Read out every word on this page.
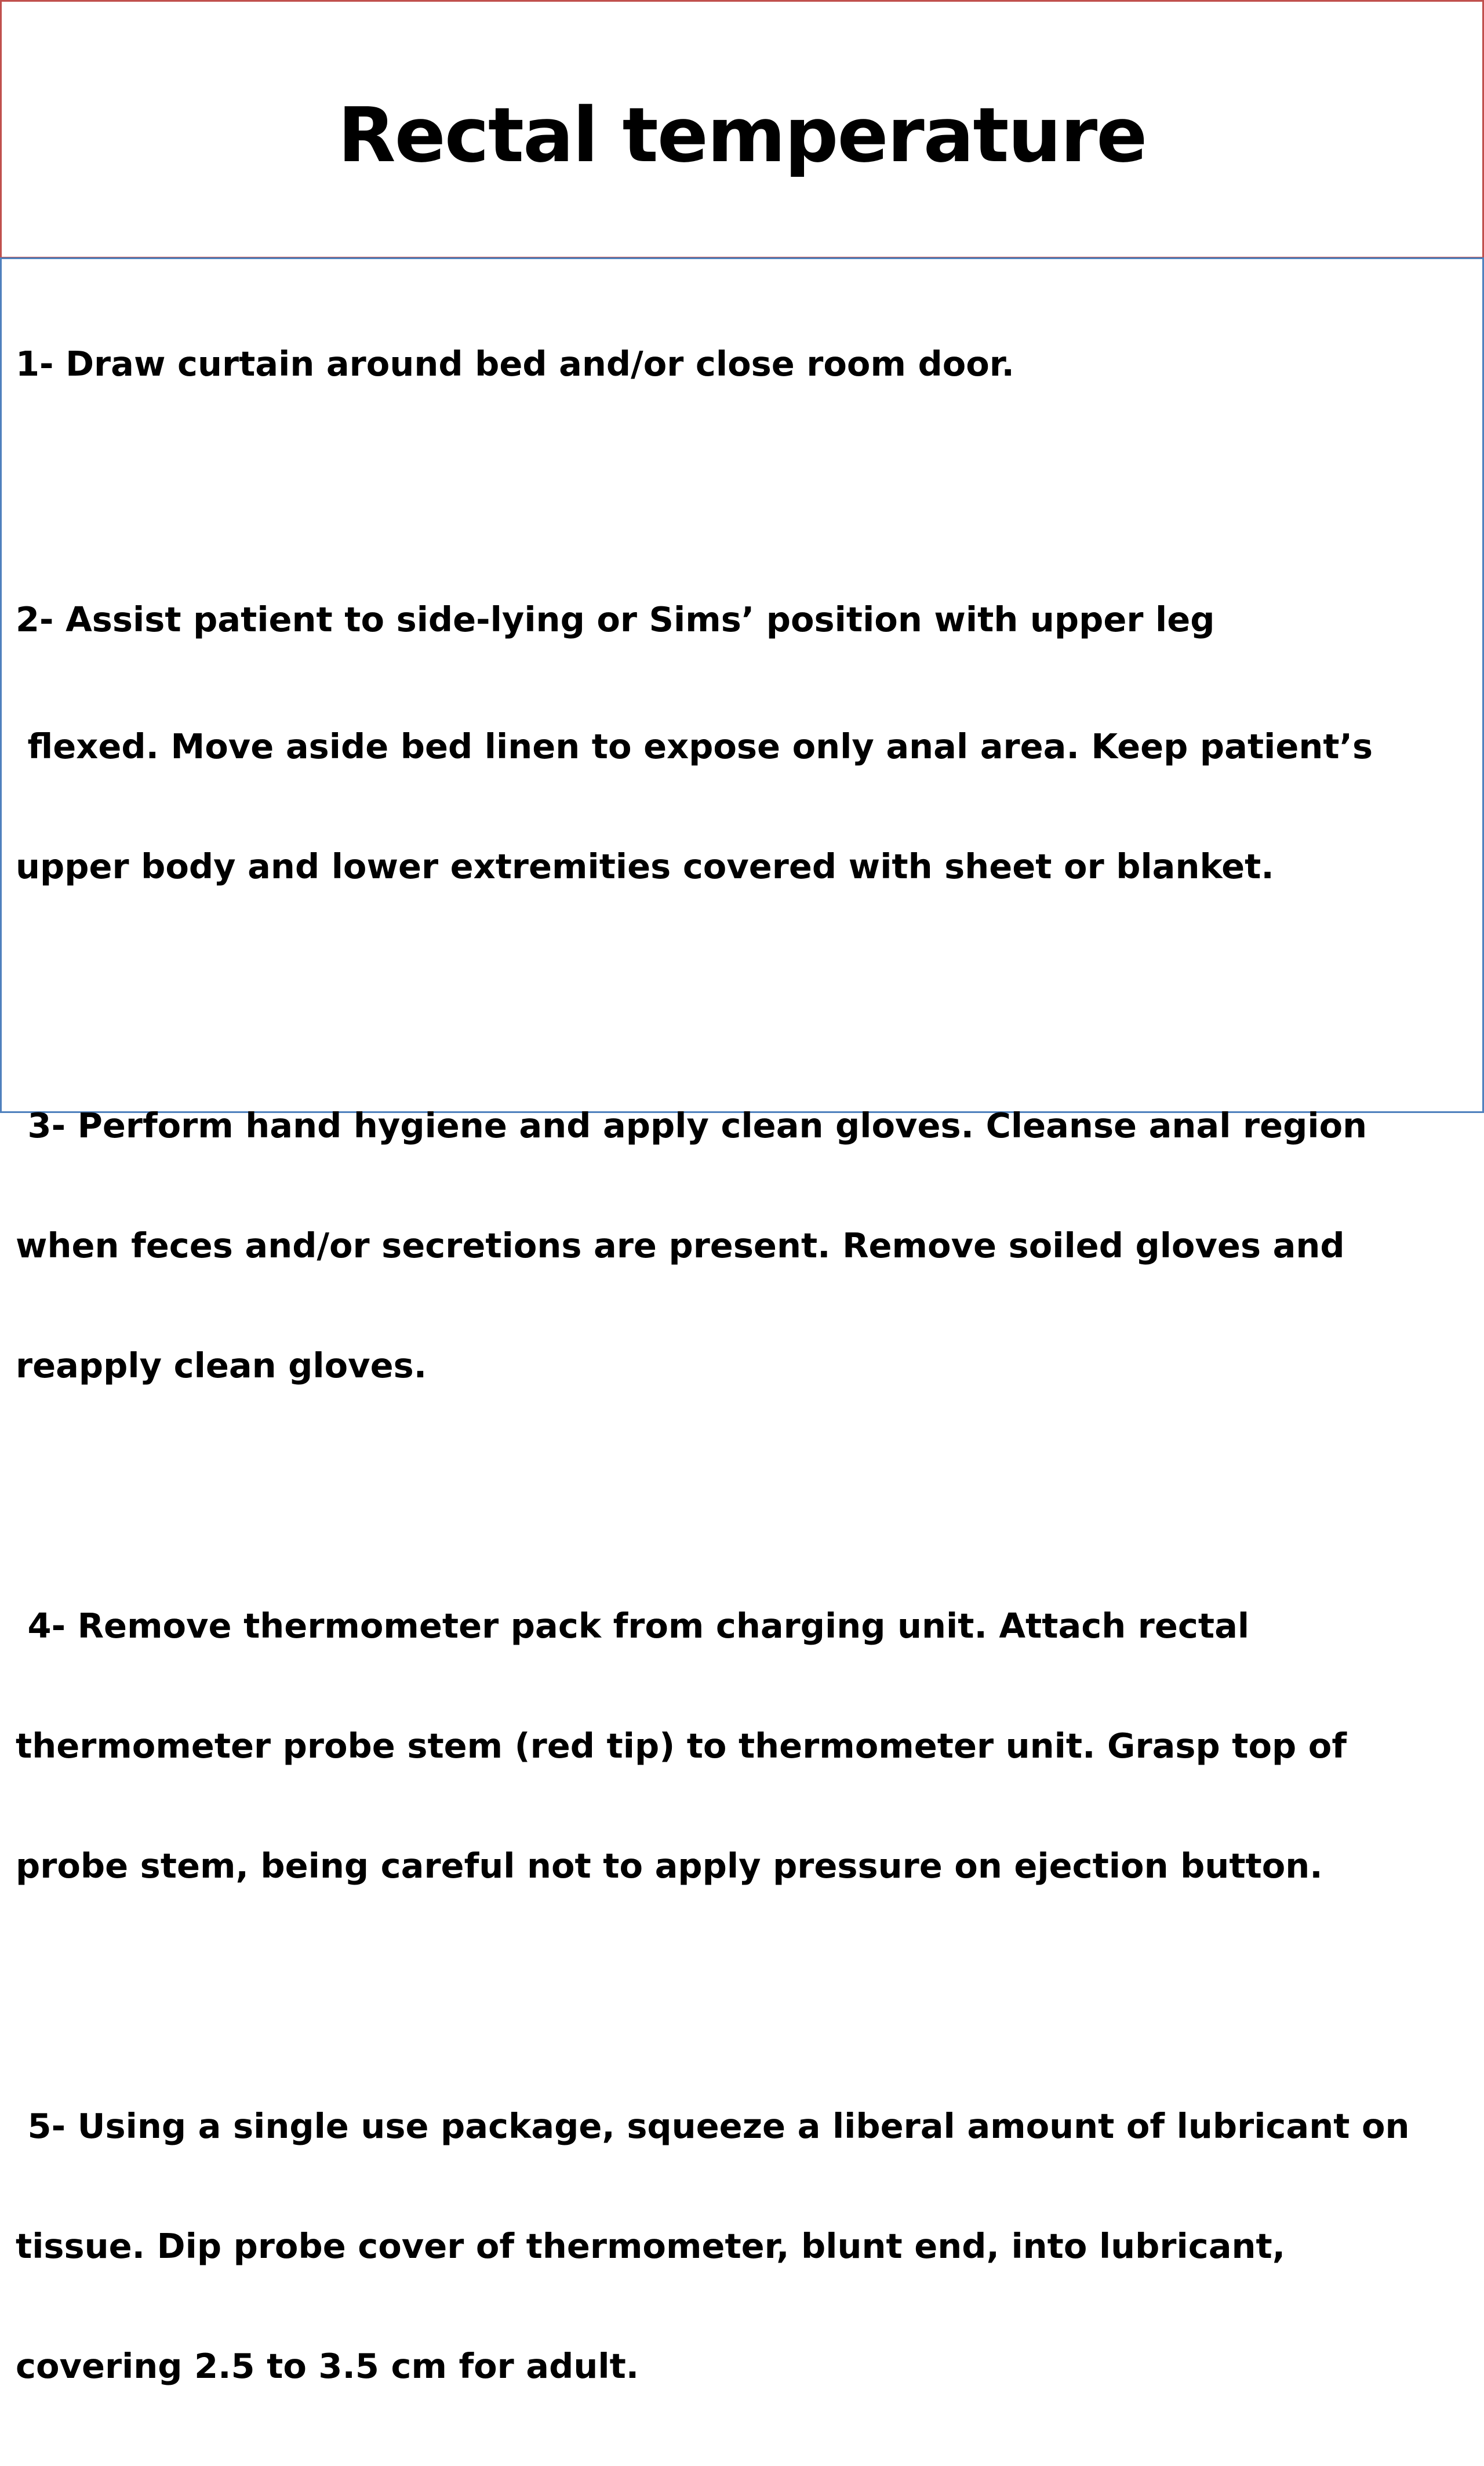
Rectal temperature

1- Draw curtain around bed and/or close room door.

2- Assist patient to side-lying or Sims’ position with upper leg

flexed. Move aside bed linen to expose only anal area. Keep patient’s

upper body and lower extremities covered with sheet or blanket.

3- Perform hand hygiene and apply clean gloves. Cleanse anal region

when feces and/or secretions are present. Remove soiled gloves and

reapply clean gloves.

4- Remove thermometer pack from charging unit. Attach rectal

thermometer probe stem (red tip) to thermometer unit. Grasp top of

probe stem, being careful not to apply pressure on ejection button.

5- Using a single use package, squeeze a liberal amount of lubricant on

tissue. Dip probe cover of thermometer, blunt end, into lubricant,

covering 2.5 to 3.5 cm for adult.
